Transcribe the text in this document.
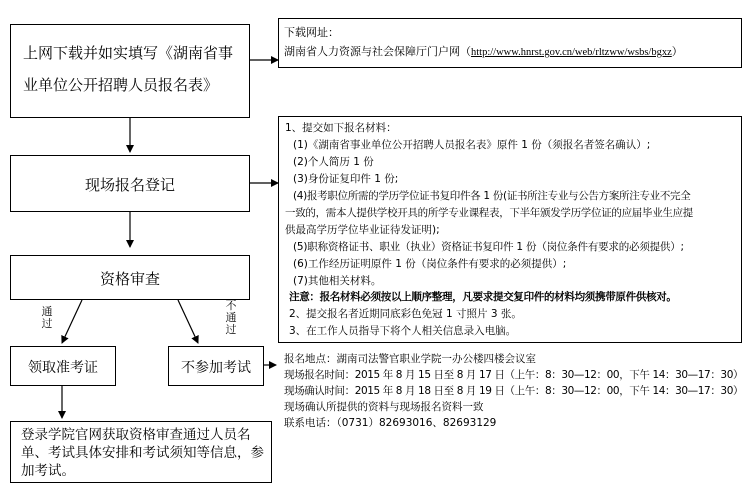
上网下载并如实填写《湖南省事业单位公开招聘人员报名表》
下载网址：
湖南省人力资源与社会保障厅门户网（http://www.hnrst.gov.cn/web/rltzww/wsbs/bgxz）
现场报名登记
1、提交如下报名材料：
(1)《湖南省事业单位公开招聘人员报名表》原件 1 份（须报名者签名确认）;
(2)个人简历 1 份
(3)身份证复印件 1 份;
(4)报考职位所需的学历学位证书复印件各 1 份(证书所注专业与公告方案所注专业不完全
一致的，需本人提供学校开具的所学专业课程表，下半年颁发学历学位证的应届毕业生应提
供最高学历学位毕业证待发证明);
(5)职称资格证书、职业（执业）资格证书复印件 1 份（岗位条件有要求的必须提供）;
(6)工作经历证明原件 1 份（岗位条件有要求的必须提供）;
(7)其他相关材料。
注意：报名材料必须按以上顺序整理，凡要求提交复印件的材料均须携带原件供核对。
2、提交报名者近期同底彩色免冠 1 寸照片 3 张。
3、在工作人员指导下将个人相关信息录入电脑。
资格审查
通过
不通过
领取准考证	不参加考试
报名地点：湖南司法警官职业学院一办公楼四楼会议室
现场报名时间：2015 年 8 月 15 日至 8 月 17 日（上午：8：30—12：00，下午 14：30—17：30）
现场确认时间：2015 年 8 月 18 日至 8 月 19 日（上午：8：30—12：00，下午 14：30—17：30）
现场确认所提供的资料与现场报名资料一致
联系电话：（0731）82693016、82693129
登录学院官网获取资格审查通过人员名单、考试具体安排和考试须知等信息，参加考试。
